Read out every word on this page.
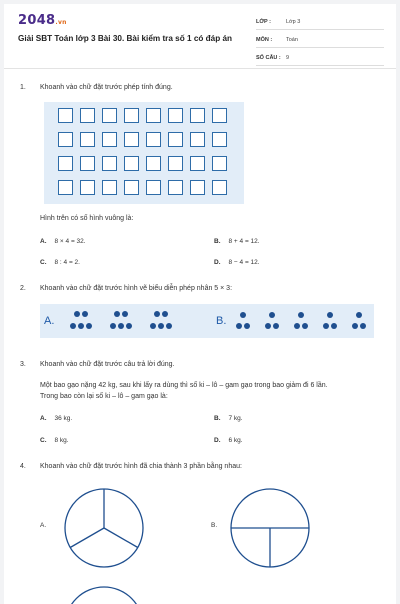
2048.vn
Giải SBT Toán lớp 3 Bài 30. Bài kiểm tra số 1 có đáp án
LỚP :	Lớp 3
MÔN :	Toán
SỐ CÂU : 9
1. Khoanh vào chữ đặt trước phép tính đúng.
Hình trên có số hình vuông là:
A. 8 × 4 = 32.	B. 8 + 4 = 12.
C. 8 : 4 = 2.	D. 8 − 4 = 12.
2. Khoanh vào chữ đặt trước hình vẽ biểu diễn phép nhân 5 × 3:
A.	B.
3. Khoanh vào chữ đặt trước câu trả lời đúng.
Một bao gạo nặng 42 kg, sau khi lấy ra dùng thì số ki – lô – gam gạo trong bao giảm đi 6 lần.
Trong bao còn lại số ki – lô – gam gạo là:
A. 36 kg.	B. 7 kg.
C. 8 kg.	D. 6 kg.
4. Khoanh vào chữ đặt trước hình đã chia thành 3 phần bằng nhau:
A.	B.
